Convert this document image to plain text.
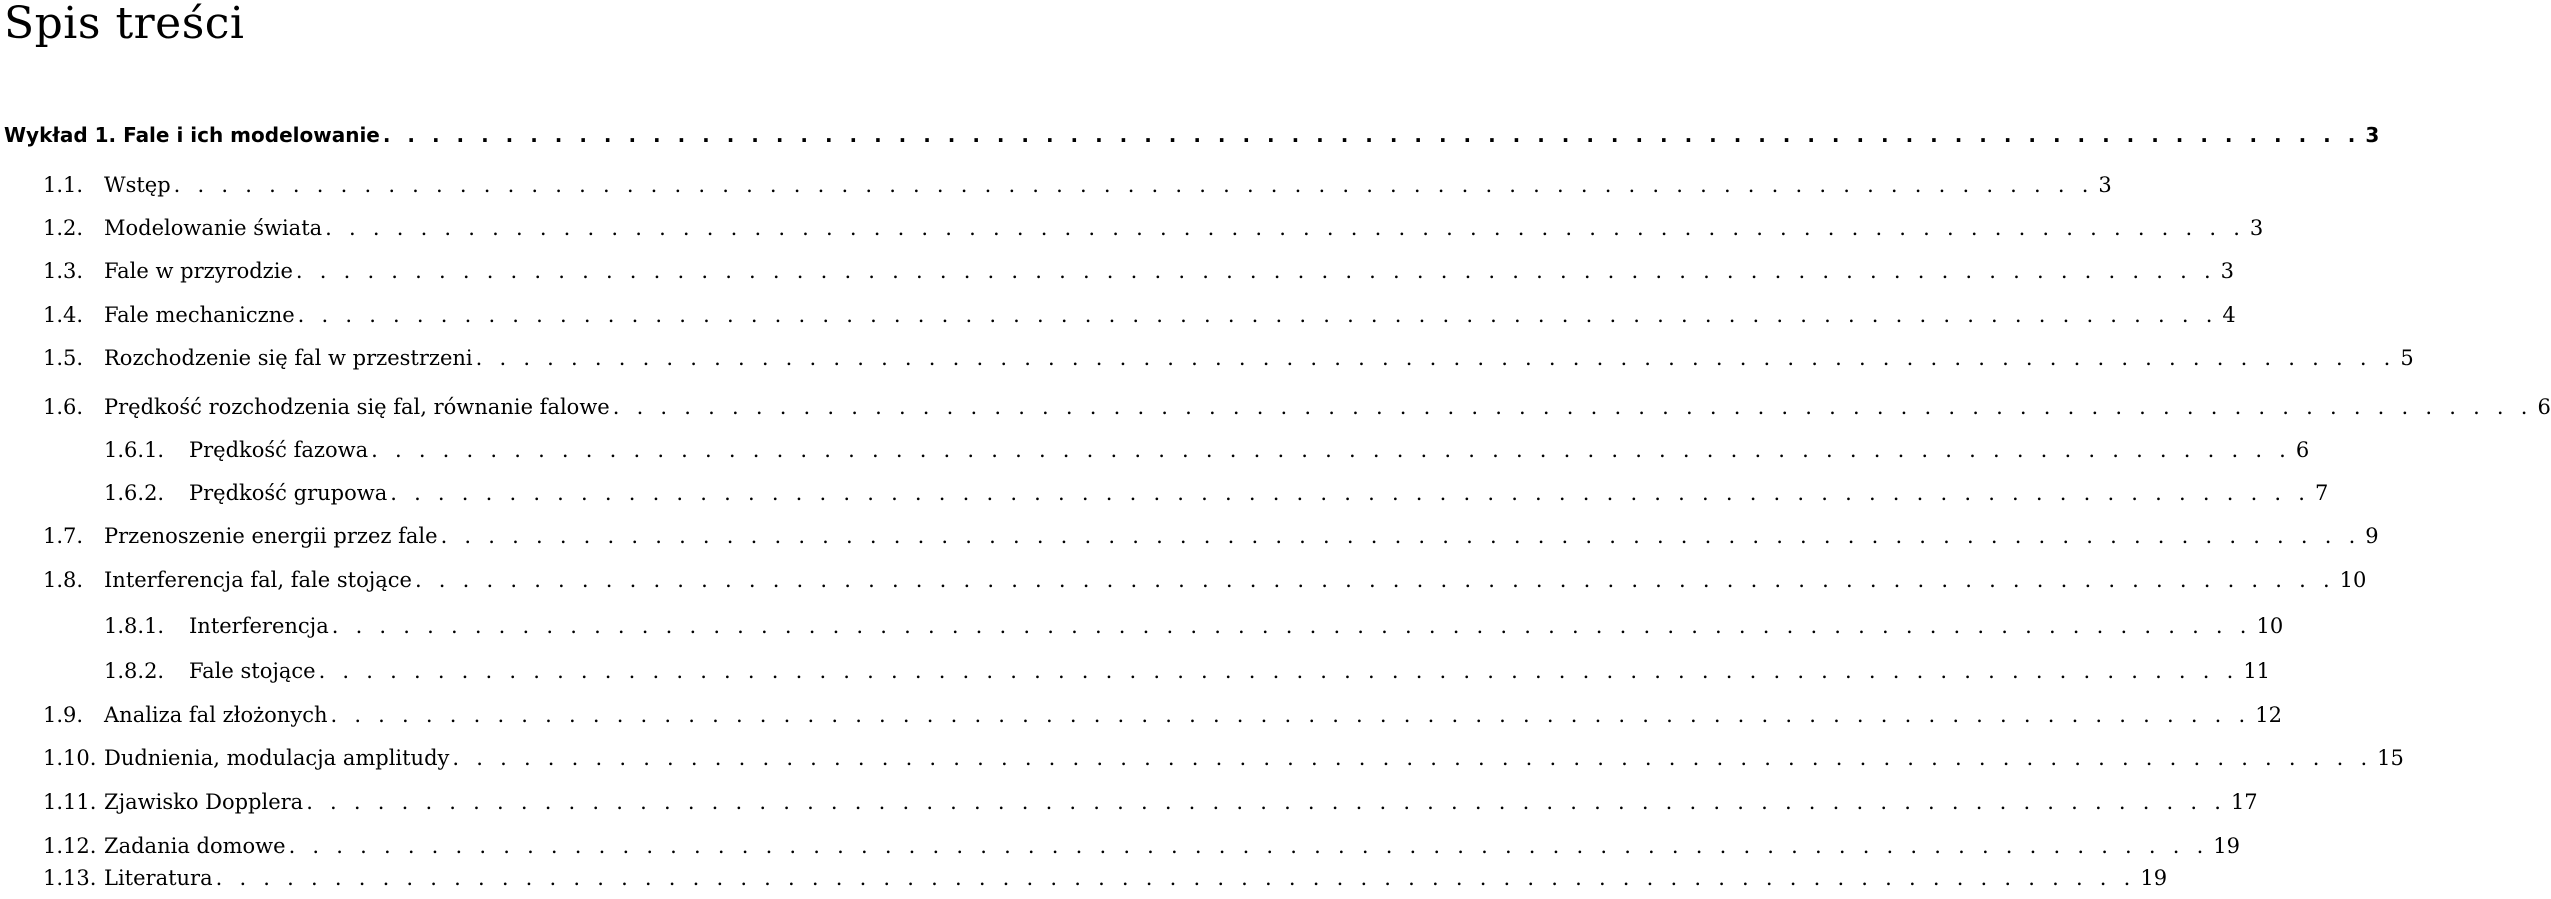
Spis treści
Wykład 1. Fale i ich modelowanie . . .	3
1.1. Wstęp . . .	3
1.2. Modelowanie świata . . .	3
1.3. Fale w przyrodzie . . .	3
1.4. Fale mechaniczne . . .	4
1.5. Rozchodzenie się fal w przestrzeni . . .	5
1.6. Prędkość rozchodzenia się fal, równanie falowe . . .	6
1.6.1.	Prędkość fazowa . . .	6
1.6.2.	Prędkość grupowa . . .	7
1.7. Przenoszenie energii przez fale . . .	9
1.8. Interferencja fal, fale stojące . . .	10
1.8.1.	Interferencja . . .	10
1.8.2.	Fale stojące . . .	11
1.9. Analiza fal złożonych . . .	12
1.10. Dudnienia, modulacja amplitudy . . .	15
1.11. Zjawisko Dopplera . . .	17
1.12. Zadania domowe . . .	19
1.13. Literatura . . .	19
